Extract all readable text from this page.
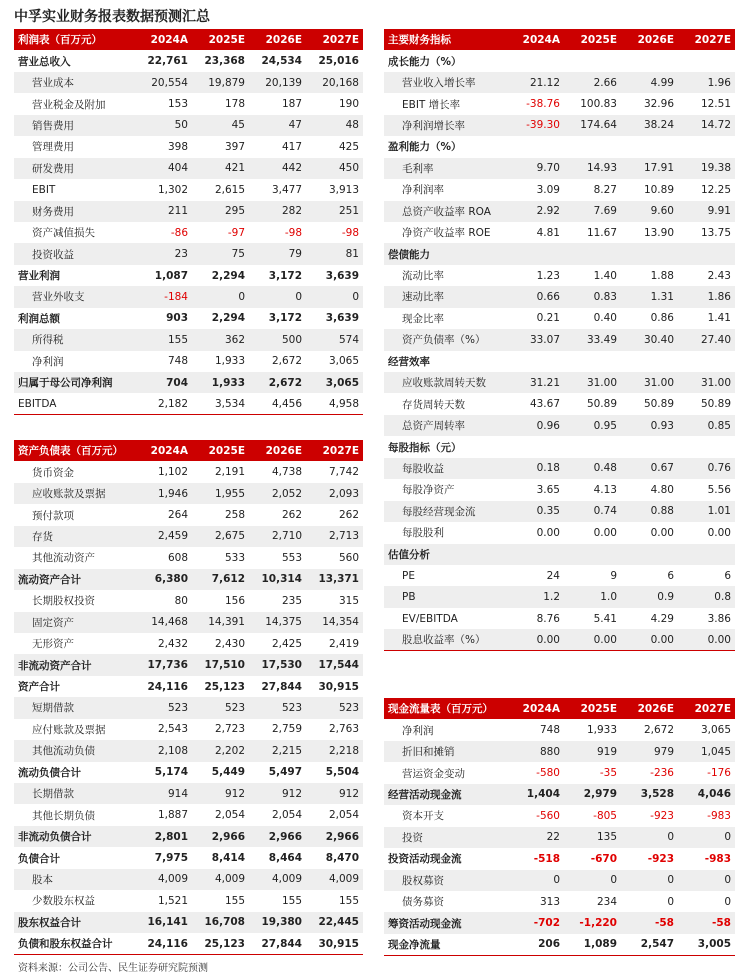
中孚实业财务报表数据预测汇总
利润表（百万元）	2024A	2025E	2026E	2027E
营业总收入	22,761	23,368	24,534	25,016
营业成本	20,554	19,879	20,139	20,168
营业税金及附加	153	178	187	190
销售费用	50	45	47	48
管理费用	398	397	417	425
研发费用	404	421	442	450
EBIT	1,302	2,615	3,477	3,913
财务费用	211	295	282	251
资产减值损失	-86	-97	-98	-98
投资收益	23	75	79	81
营业利润	1,087	2,294	3,172	3,639
营业外收支	-184	0	0	0
利润总额	903	2,294	3,172	3,639
所得税	155	362	500	574
净利润	748	1,933	2,672	3,065
归属于母公司净利润	704	1,933	2,672	3,065
EBITDA	2,182	3,534	4,456	4,958
主要财务指标	2024A	2025E	2026E	2027E
成长能力（%）				
营业收入增长率	21.12	2.66	4.99	1.96
EBIT 增长率	-38.76	100.83	32.96	12.51
净利润增长率	-39.30	174.64	38.24	14.72
盈利能力（%）				
毛利率	9.70	14.93	17.91	19.38
净利润率	3.09	8.27	10.89	12.25
总资产收益率 ROA	2.92	7.69	9.60	9.91
净资产收益率 ROE	4.81	11.67	13.90	13.75
偿债能力				
流动比率	1.23	1.40	1.88	2.43
速动比率	0.66	0.83	1.31	1.86
现金比率	0.21	0.40	0.86	1.41
资产负债率（%）	33.07	33.49	30.40	27.40
经营效率				
应收账款周转天数	31.21	31.00	31.00	31.00
存货周转天数	43.67	50.89	50.89	50.89
总资产周转率	0.96	0.95	0.93	0.85
每股指标（元）				
每股收益	0.18	0.48	0.67	0.76
每股净资产	3.65	4.13	4.80	5.56
每股经营现金流	0.35	0.74	0.88	1.01
每股股利	0.00	0.00	0.00	0.00
估值分析				
PE	24	9	6	6
PB	1.2	1.0	0.9	0.8
EV/EBITDA	8.76	5.41	4.29	3.86
股息收益率（%）	0.00	0.00	0.00	0.00
资产负债表（百万元）	2024A	2025E	2026E	2027E
货币资金	1,102	2,191	4,738	7,742
应收账款及票据	1,946	1,955	2,052	2,093
预付款项	264	258	262	262
存货	2,459	2,675	2,710	2,713
其他流动资产	608	533	553	560
流动资产合计	6,380	7,612	10,314	13,371
长期股权投资	80	156	235	315
固定资产	14,468	14,391	14,375	14,354
无形资产	2,432	2,430	2,425	2,419
非流动资产合计	17,736	17,510	17,530	17,544
资产合计	24,116	25,123	27,844	30,915
短期借款	523	523	523	523
应付账款及票据	2,543	2,723	2,759	2,763
其他流动负债	2,108	2,202	2,215	2,218
流动负债合计	5,174	5,449	5,497	5,504
长期借款	914	912	912	912
其他长期负债	1,887	2,054	2,054	2,054
非流动负债合计	2,801	2,966	2,966	2,966
负债合计	7,975	8,414	8,464	8,470
股本	4,009	4,009	4,009	4,009
少数股东权益	1,521	155	155	155
股东权益合计	16,141	16,708	19,380	22,445
负债和股东权益合计	24,116	25,123	27,844	30,915
现金流量表（百万元）	2024A	2025E	2026E	2027E
净利润	748	1,933	2,672	3,065
折旧和摊销	880	919	979	1,045
营运资金变动	-580	-35	-236	-176
经营活动现金流	1,404	2,979	3,528	4,046
资本开支	-560	-805	-923	-983
投资	22	135	0	0
投资活动现金流	-518	-670	-923	-983
股权募资	0	0	0	0
债务募资	313	234	0	0
筹资活动现金流	-702	-1,220	-58	-58
现金净流量	206	1,089	2,547	3,005
资料来源：公司公告、民生证券研究院预测
